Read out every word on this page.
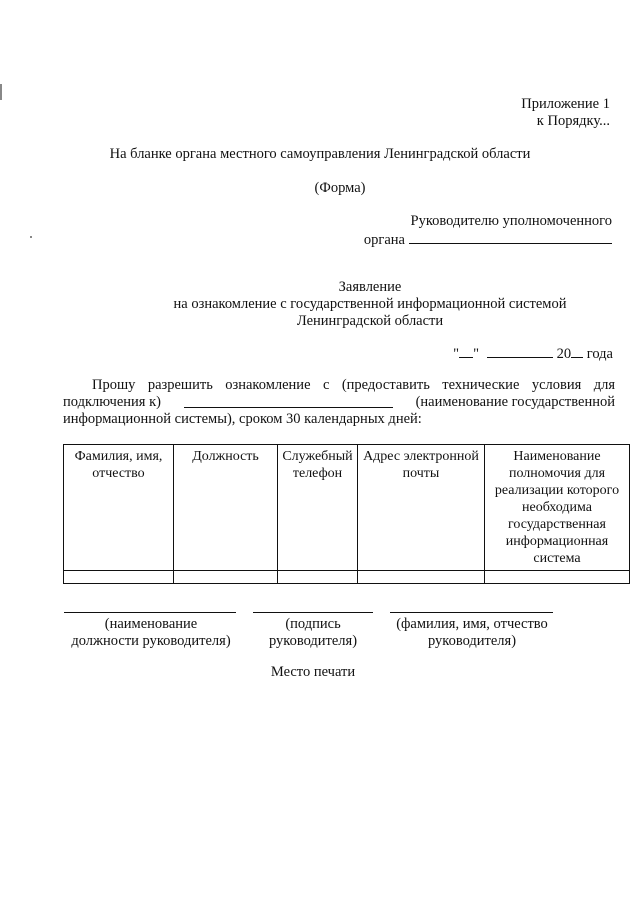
Приложение 1
к Порядку...
На бланке органа местного самоуправления Ленинградской области
(Форма)
Руководителю уполномоченного
органа
Заявление
на ознакомление с государственной информационной системой
Ленинградской области
" "	20 года

Прошу разрешить ознакомление с (предоставить технические условия для

подключения к)	(наименование государственной

информационной системы), сроком 30 календарных дней:

Фамилия, имя, отчество	Должность	Служебный телефон	Адрес электронной почты	Наименование полномочия для реализации которого необходима государственная информационная система

(наименование
должности руководителя)
(подпись
руководителя)
(фамилия, имя, отчество
руководителя)
Место печати
